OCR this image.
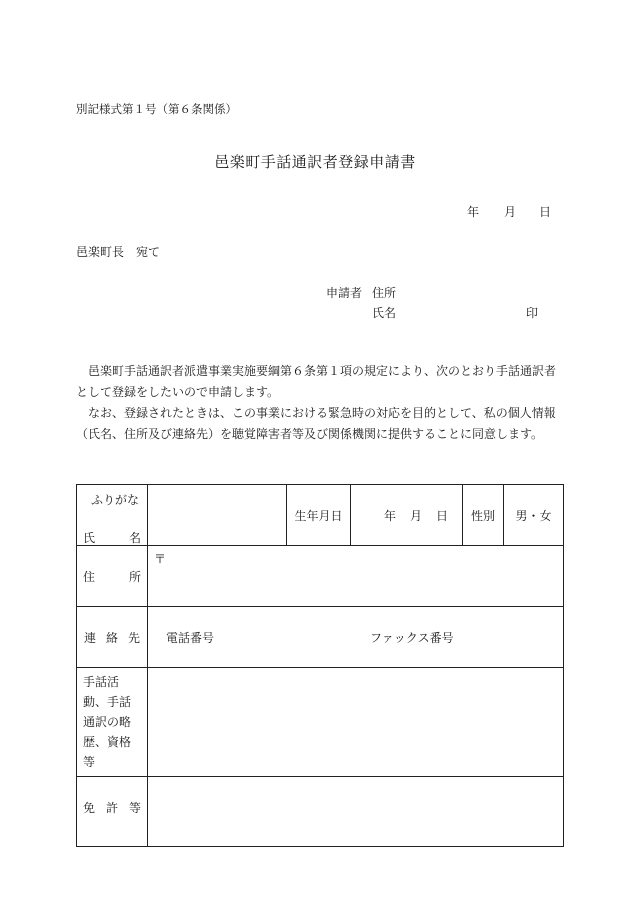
別記様式第１号（第６条関係）
邑楽町手話通訳者登録申請書
年 月 日
邑楽町長　宛て
申請者 住所
氏名	印
邑楽町手話通訳者派遣事業実施要綱第６条第１項の規定により、次のとおり手話通訳者として登録をしたいので申請します。
なお、登録されたときは、この事業における緊急時の対応を目的として、私の個人情報（氏名、住所及び連絡先）を聴覚障害者等及び関係機関に提供することに同意します。
ふりがな
氏 名		生年月日	年 月 日	性別	男・女

住 所	〒				

連 絡 先	電話番号 ファックス番号				

手話活動、手話通訳の略歴、資格等					

免 許 等					
